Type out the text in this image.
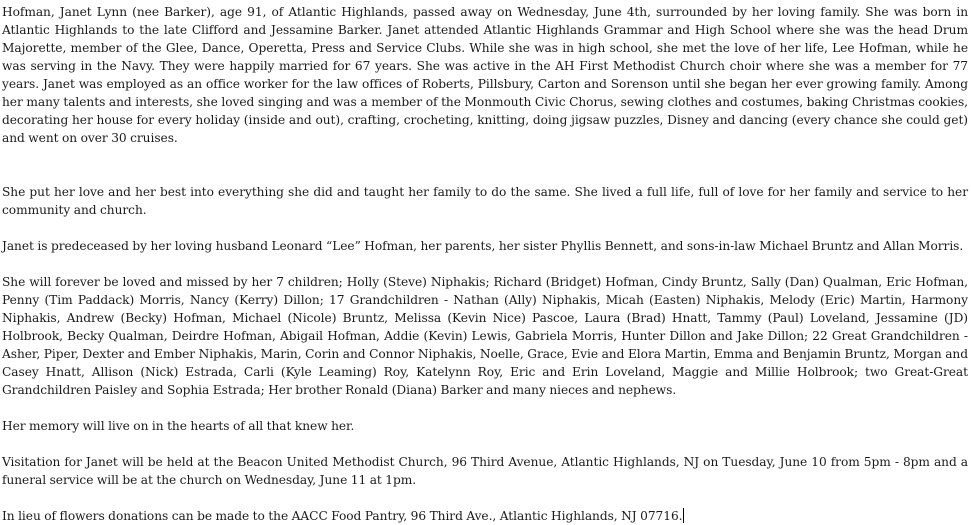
Hofman, Janet Lynn (nee Barker), age 91, of Atlantic Highlands, passed away on Wednesday, June 4th, surrounded by her loving family. She was born in Atlantic Highlands to the late Clifford and Jessamine Barker. Janet attended Atlantic Highlands Grammar and High School where she was the head Drum Majorette, member of the Glee, Dance, Operetta, Press and Service Clubs. While she was in high school, she met the love of her life, Lee Hofman, while he was serving in the Navy. They were happily married for 67 years. She was active in the AH First Methodist Church choir where she was a member for 77 years. Janet was employed as an office worker for the law offices of Roberts, Pillsbury, Carton and Sorenson until she began her ever growing family. Among her many talents and interests, she loved singing and was a member of the Monmouth Civic Chorus, sewing clothes and costumes, baking Christmas cookies, decorating her house for every holiday (inside and out), crafting, crocheting, knitting, doing jigsaw puzzles, Disney and dancing (every chance she could get) and went on over 30 cruises.

She put her love and her best into everything she did and taught her family to do the same. She lived a full life, full of love for her family and service to her community and church.

Janet is predeceased by her loving husband Leonard “Lee” Hofman, her parents, her sister Phyllis Bennett, and sons-in-law Michael Bruntz and Allan Morris.

She will forever be loved and missed by her 7 children; Holly (Steve) Niphakis; Richard (Bridget) Hofman, Cindy Bruntz, Sally (Dan) Qualman, Eric Hofman, Penny (Tim Paddack) Morris, Nancy (Kerry) Dillon; 17 Grandchildren - Nathan (Ally) Niphakis, Micah (Easten) Niphakis, Melody (Eric) Martin, Harmony Niphakis, Andrew (Becky) Hofman, Michael (Nicole) Bruntz, Melissa (Kevin Nice) Pascoe, Laura (Brad) Hnatt, Tammy (Paul) Loveland, Jessamine (JD) Holbrook, Becky Qualman, Deirdre Hofman, Abigail Hofman, Addie (Kevin) Lewis, Gabriela Morris, Hunter Dillon and Jake Dillon; 22 Great Grandchildren - Asher, Piper, Dexter and Ember Niphakis, Marin, Corin and Connor Niphakis, Noelle, Grace, Evie and Elora Martin, Emma and Benjamin Bruntz, Morgan and Casey Hnatt, Allison (Nick) Estrada, Carli (Kyle Leaming) Roy, Katelynn Roy, Eric and Erin Loveland, Maggie and Millie Holbrook; two Great-Great Grandchildren Paisley and Sophia Estrada; Her brother Ronald (Diana) Barker and many nieces and nephews.

Her memory will live on in the hearts of all that knew her.

Visitation for Janet will be held at the Beacon United Methodist Church, 96 Third Avenue, Atlantic Highlands, NJ on Tuesday, June 10 from 5pm - 8pm and a funeral service will be at the church on Wednesday, June 11 at 1pm.

In lieu of flowers donations can be made to the AACC Food Pantry, 96 Third Ave., Atlantic Highlands, NJ 07716.
